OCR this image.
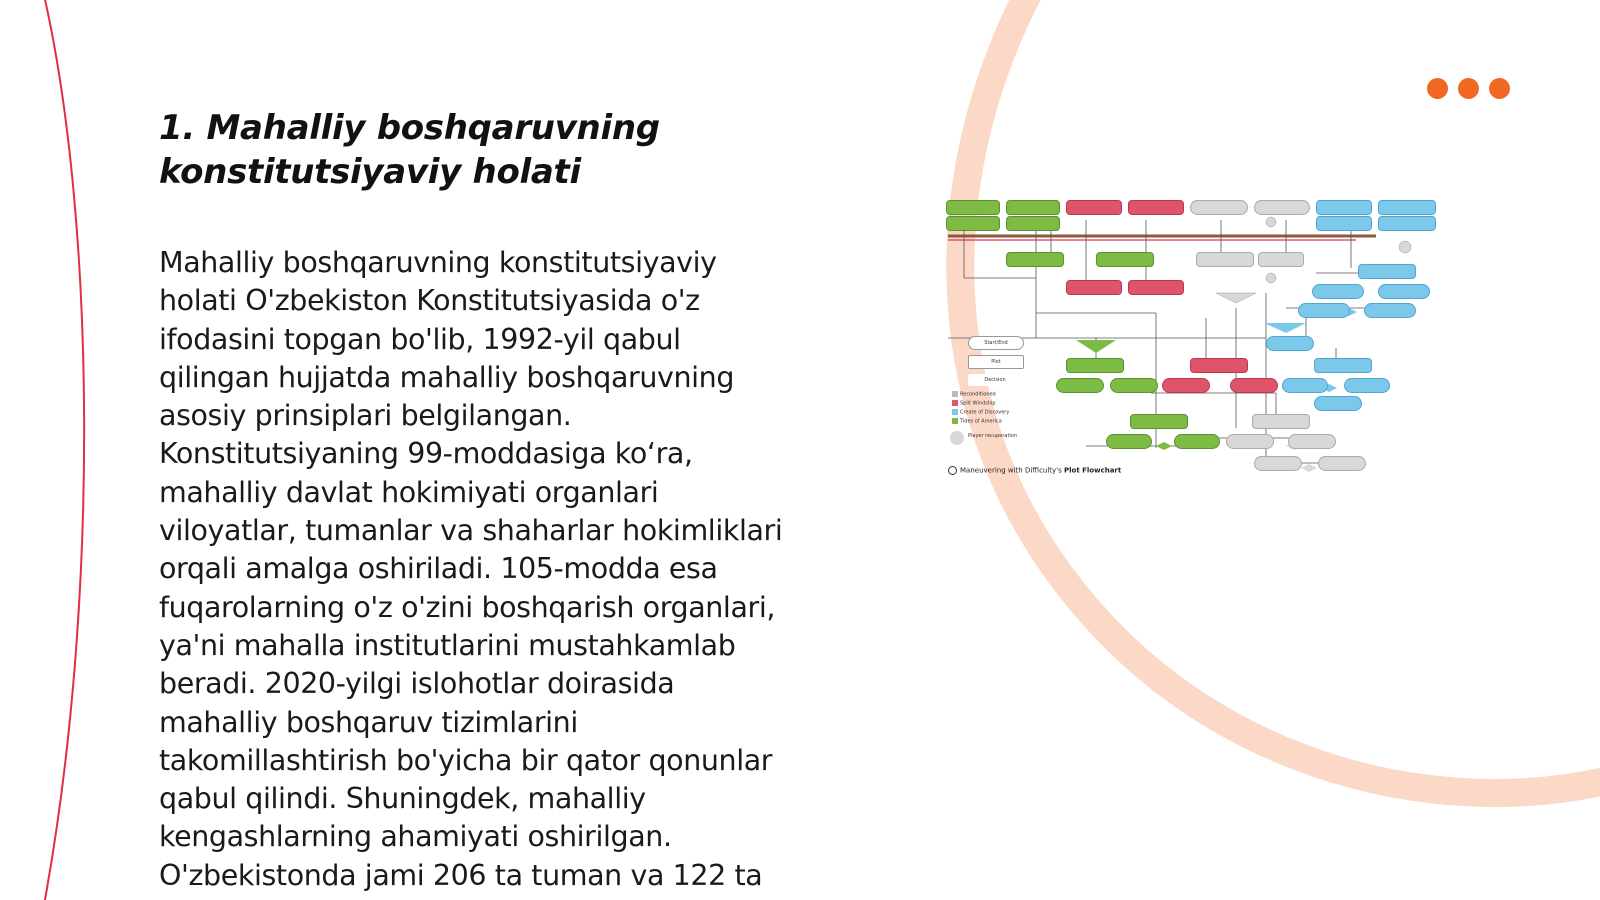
1. Mahalliy boshqaruvning
konstitutsiyaviy holati
Mahalliy boshqaruvning konstitutsiyaviy
holati O'zbekiston Konstitutsiyasida o'z
ifodasini topgan bo'lib, 1992-yil qabul
qilingan hujjatda mahalliy boshqaruvning
asosiy prinsiplari belgilangan.
Konstitutsiyaning 99-moddasiga ko‘ra,
mahalliy davlat hokimiyati organlari
viloyatlar, tumanlar va shaharlar hokimliklari
orqali amalga oshiriladi. 105-modda esa
fuqarolarning o'z o'zini boshqarish organlari,
ya'ni mahalla institutlarini mustahkamlab
beradi. 2020-yilgi islohotlar doirasida
mahalliy boshqaruv tizimlarini
takomillashtirish bo'yicha bir qator qonunlar
qabul qilindi. Shuningdek, mahalliy
kengashlarning ahamiyati oshirilgan.
O'zbekistonda jami 206 ta tuman va 122 ta
Start/End
Plot
Decision
Reconditioned
Split Windship
Create of Discovery
Tides of America
Player recuperation
Maneuvering with Difficulty's Plot Flowchart
